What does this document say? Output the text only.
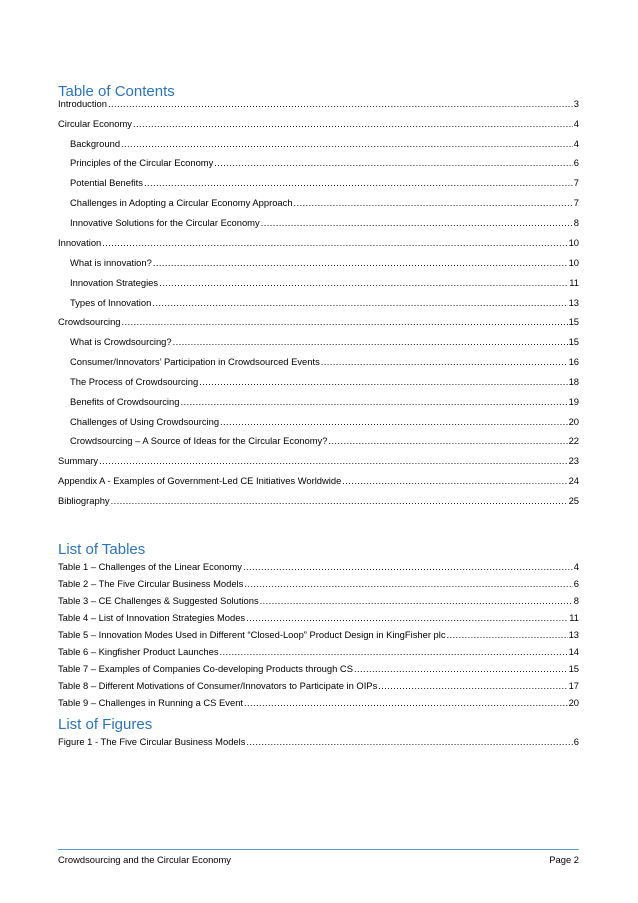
Table of Contents
Introduction .....	3
Circular Economy .....	4
Background .....	4
Principles of the Circular Economy .....	6
Potential Benefits .....	7
Challenges in Adopting a Circular Economy Approach .....	7
Innovative Solutions for the Circular Economy .....	8
Innovation .....	10
What is innovation? .....	10
Innovation Strategies .....	11
Types of Innovation .....	13
Crowdsourcing .....	15
What is Crowdsourcing? .....	15
Consumer/Innovators’ Participation in Crowdsourced Events .....	16
The Process of Crowdsourcing .....	18
Benefits of Crowdsourcing .....	19
Challenges of Using Crowdsourcing .....	20
Crowdsourcing – A Source of Ideas for the Circular Economy? .....	22
Summary .....	23
Appendix A - Examples of Government-Led CE Initiatives Worldwide .....	24
Bibliography .....	25
List of Tables
Table 1 – Challenges of the Linear Economy .....	4
Table 2 – The Five Circular Business Models .....	6
Table 3 – CE Challenges & Suggested Solutions .....	8
Table 4 – List of Innovation Strategies Modes .....	11
Table 5 – Innovation Modes Used in Different “Closed-Loop” Product Design in KingFisher plc .....	13
Table 6 – Kingfisher Product Launches .....	14
Table 7 – Examples of Companies Co-developing Products through CS .....	15
Table 8 – Different Motivations of Consumer/Innovators to Participate in OIPs .....	17
Table 9 – Challenges in Running a CS Event .....	20
List of Figures
Figure 1 - The Five Circular Business Models .....	6
Crowdsourcing and the Circular Economy	Page 2
